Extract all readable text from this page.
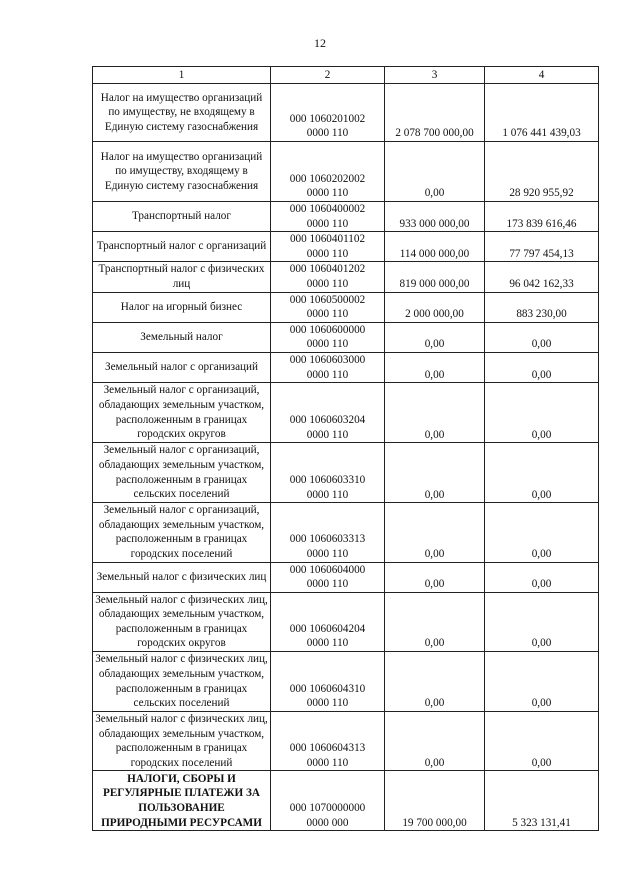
12
1	2	3	4
Налог на имущество организаций по имуществу, не входящему в Единую систему газоснабжения	000 1060201002
0000 110	2 078 700 000,00	1 076 441 439,03
Налог на имущество организаций по имуществу, входящему в Единую систему газоснабжения	000 1060202002
0000 110	0,00	28 920 955,92
Транспортный налог	000 1060400002
0000 110	933 000 000,00	173 839 616,46
Транспортный налог с организаций	000 1060401102
0000 110	114 000 000,00	77 797 454,13
Транспортный налог с физических лиц	000 1060401202
0000 110	819 000 000,00	96 042 162,33
Налог на игорный бизнес	000 1060500002
0000 110	2 000 000,00	883 230,00
Земельный налог	000 1060600000
0000 110	0,00	0,00
Земельный налог с организаций	000 1060603000
0000 110	0,00	0,00
Земельный налог с организаций, обладающих земельным участком, расположенным в границах городских округов	000 1060603204
0000 110	0,00	0,00
Земельный налог с организаций, обладающих земельным участком, расположенным в границах сельских поселений	000 1060603310
0000 110	0,00	0,00
Земельный налог с организаций, обладающих земельным участком, расположенным в границах городских поселений	000 1060603313
0000 110	0,00	0,00
Земельный налог с физических лиц	000 1060604000
0000 110	0,00	0,00
Земельный налог с физических лиц, обладающих земельным участком, расположенным в границах городских округов	000 1060604204
0000 110	0,00	0,00
Земельный налог с физических лиц, обладающих земельным участком, расположенным в границах сельских поселений	000 1060604310
0000 110	0,00	0,00
Земельный налог с физических лиц, обладающих земельным участком, расположенным в границах городских поселений	000 1060604313
0000 110	0,00	0,00
НАЛОГИ, СБОРЫ И РЕГУЛЯРНЫЕ ПЛАТЕЖИ ЗА ПОЛЬЗОВАНИЕ ПРИРОДНЫМИ РЕСУРСАМИ	000 1070000000
0000 000	19 700 000,00	5 323 131,41
